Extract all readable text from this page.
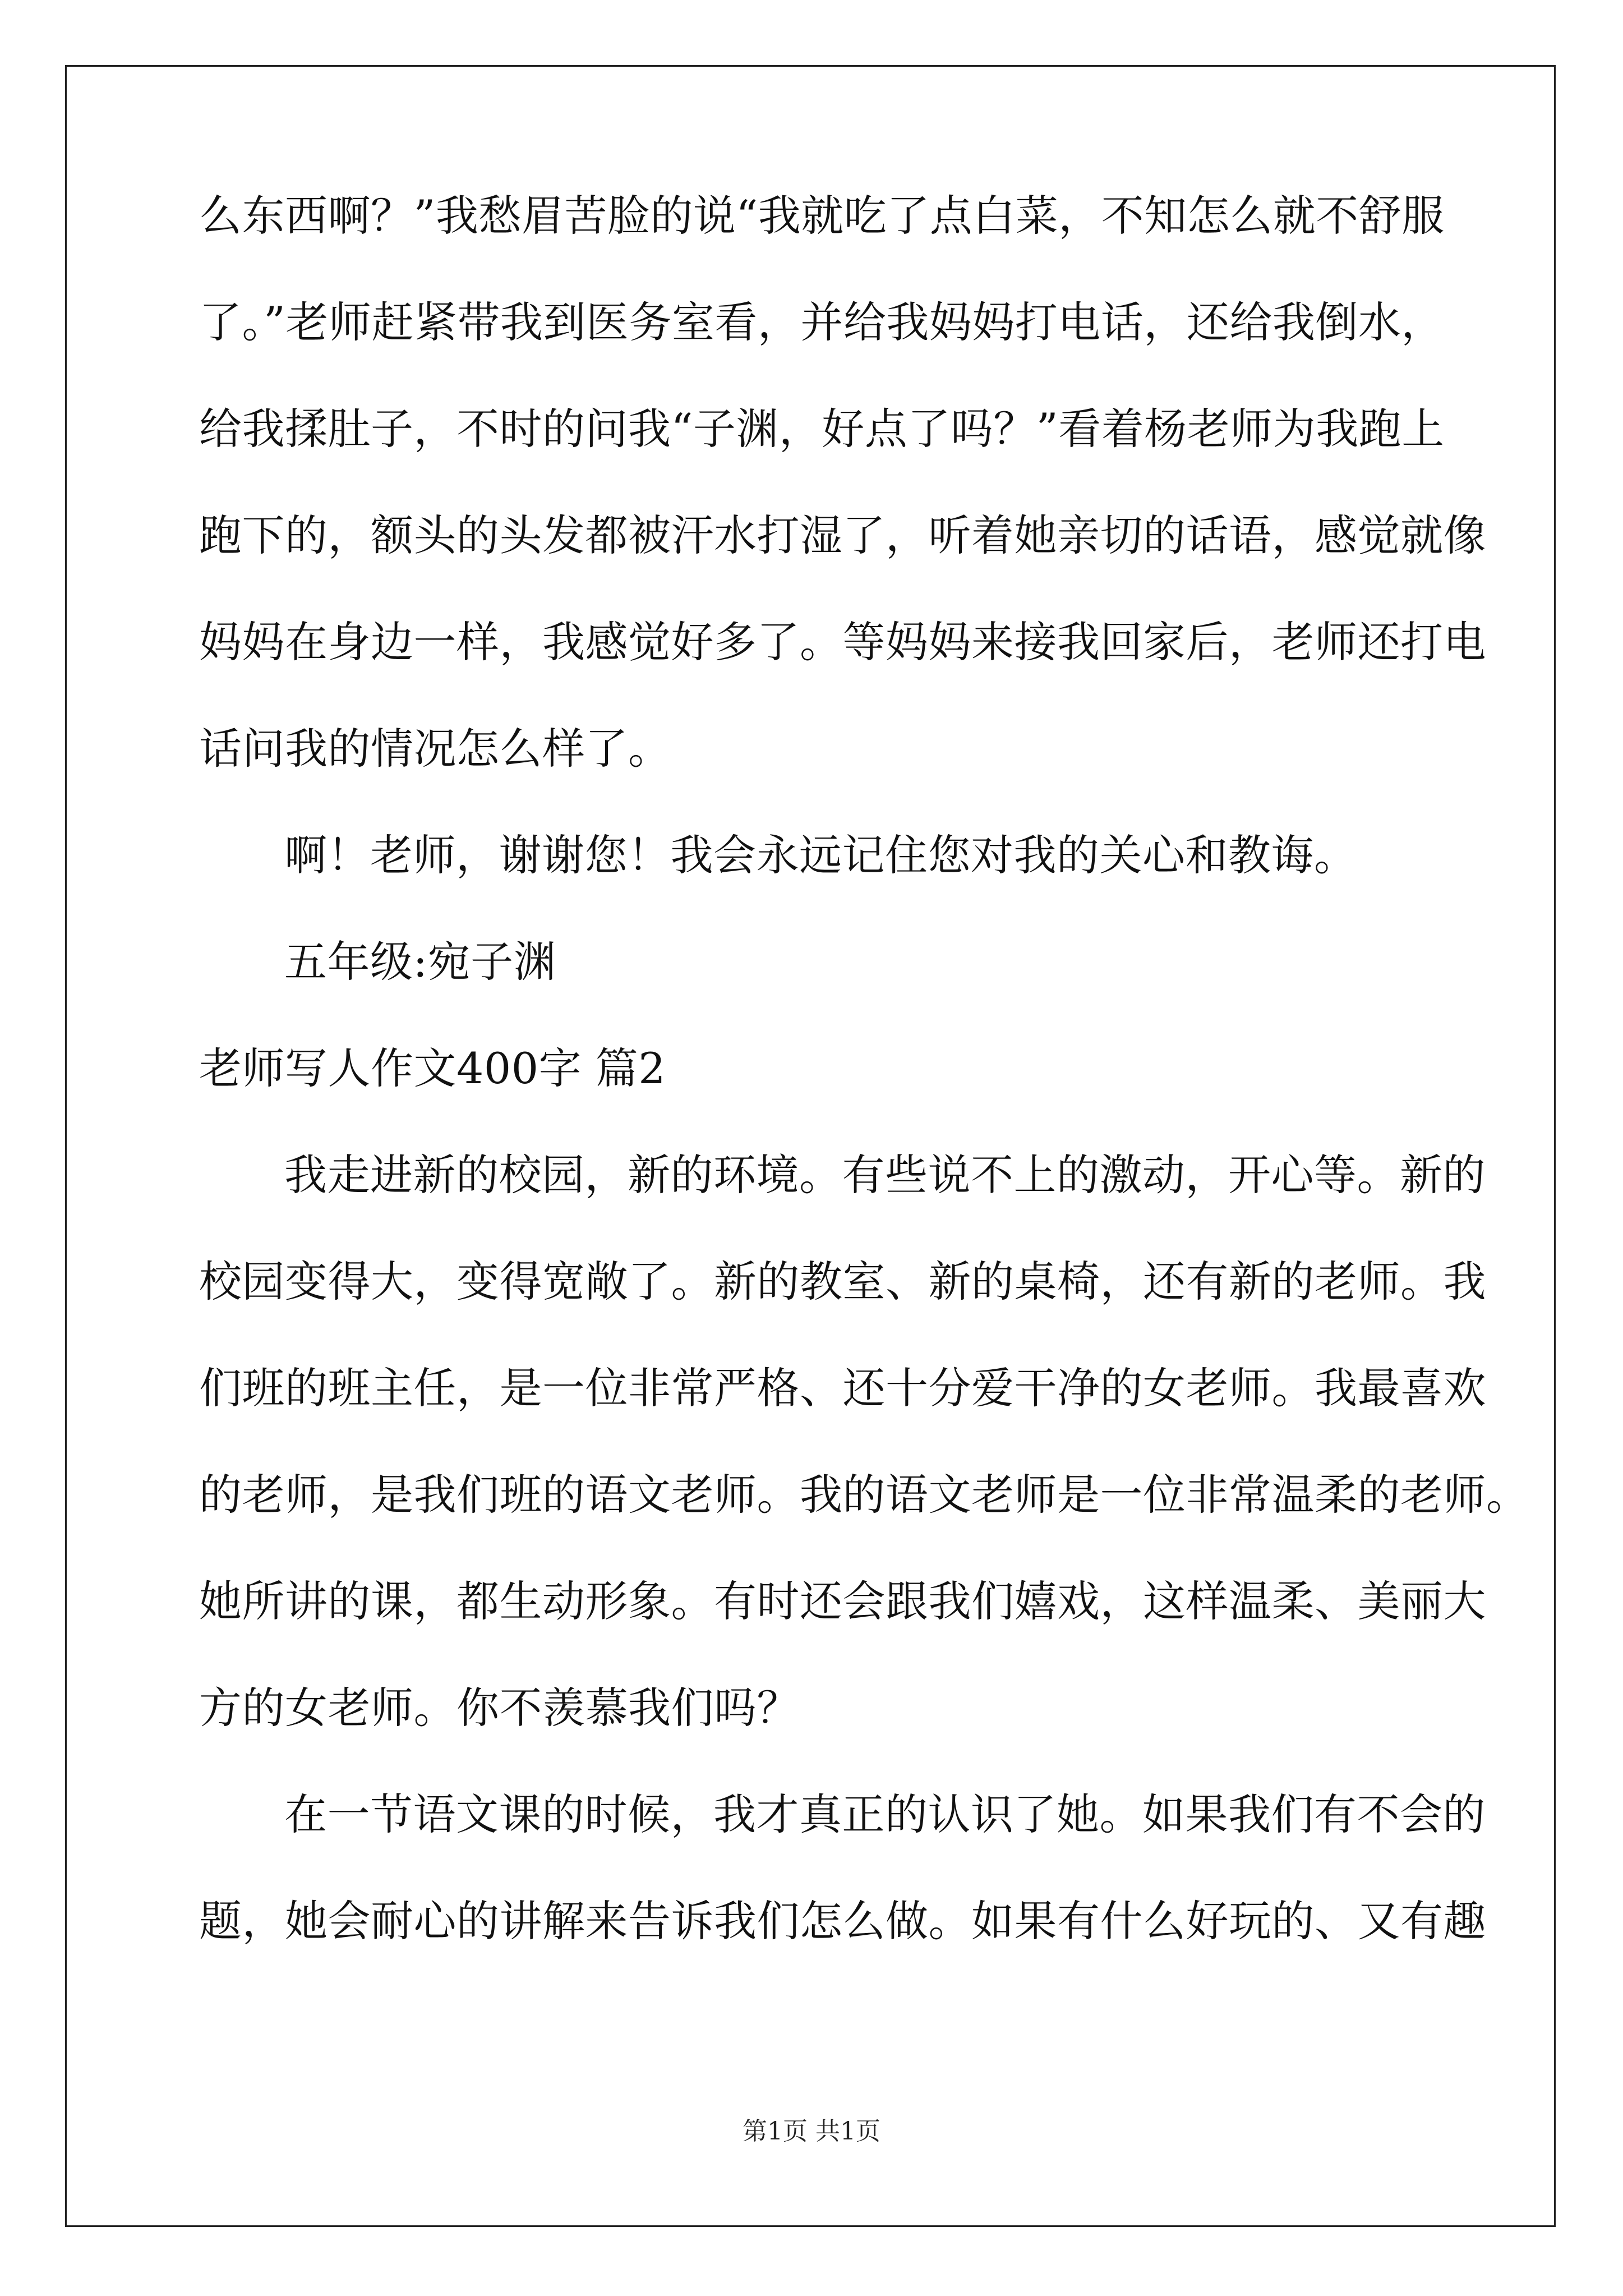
么东西啊？”我愁眉苦脸的说“我就吃了点白菜，不知怎么就不舒服
了。”老师赶紧带我到医务室看，并给我妈妈打电话，还给我倒水，
给我揉肚子，不时的问我“子渊，好点了吗？”看着杨老师为我跑上
跑下的，额头的头发都被汗水打湿了，听着她亲切的话语，感觉就像
妈妈在身边一样，我感觉好多了。等妈妈来接我回家后，老师还打电
话问我的情况怎么样了。
啊！老师，谢谢您！我会永远记住您对我的关心和教诲。
五年级:宛子渊
老师写人作文400字 篇2
我走进新的校园，新的环境。有些说不上的激动，开心等。新的
校园变得大，变得宽敞了。新的教室、新的桌椅，还有新的老师。我
们班的班主任，是一位非常严格、还十分爱干净的女老师。我最喜欢
的老师，是我们班的语文老师。我的语文老师是一位非常温柔的老师。
她所讲的课，都生动形象。有时还会跟我们嬉戏，这样温柔、美丽大
方的女老师。你不羡慕我们吗？
在一节语文课的时候，我才真正的认识了她。如果我们有不会的
题，她会耐心的讲解来告诉我们怎么做。如果有什么好玩的、又有趣
第1页 共1页
